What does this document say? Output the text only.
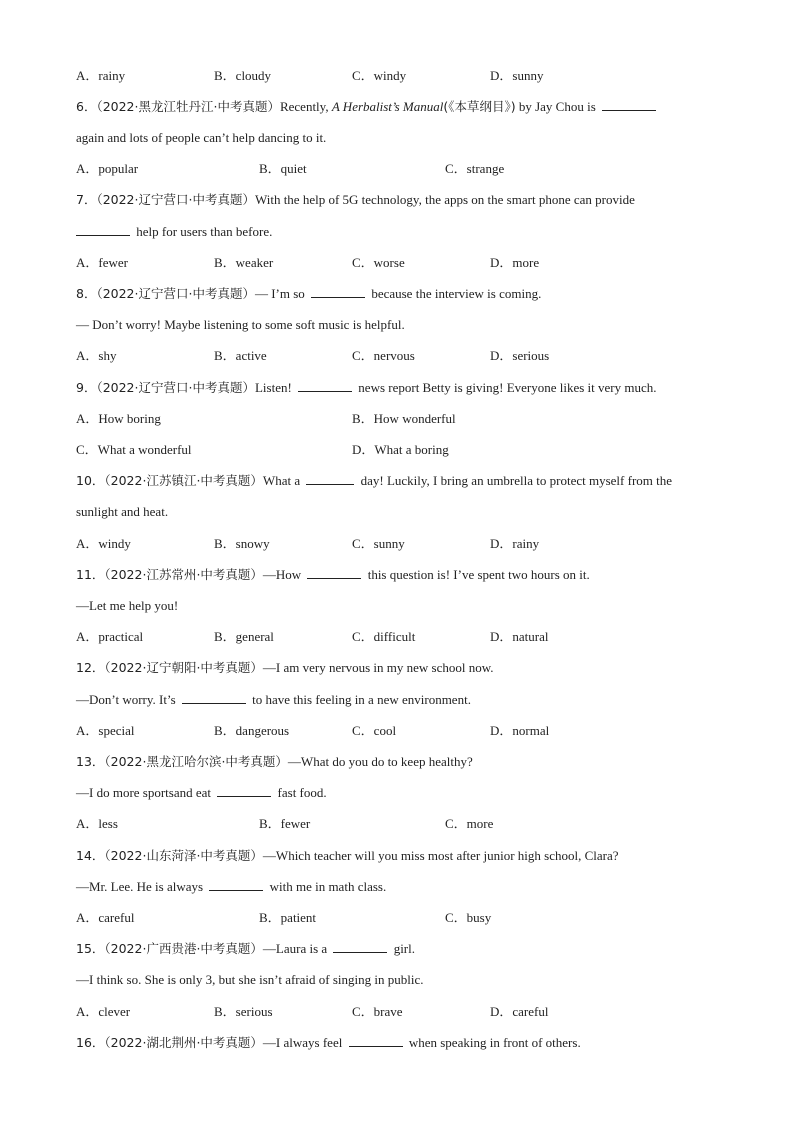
A．rainy	B．cloudy	C．windy	D．sunny
6．（2022·黑龙江牡丹江·中考真题）Recently, A Herbalist’s Manual(《本草纲目》) by Jay Chou is
again and lots of people can’t help dancing to it.
A．popular	B．quiet	C．strange
7．（2022·辽宁营口·中考真题）With the help of 5G technology, the apps on the smart phone can provide
help for users than before.
A．fewer	B．weaker	C．worse	D．more
8．（2022·辽宁营口·中考真题）— I’m so	because the interview is coming.
— Don’t worry! Maybe listening to some soft music is helpful.
A．shy	B．active	C．nervous	D．serious
9．（2022·辽宁营口·中考真题）Listen!	news report Betty is giving! Everyone likes it very much.
A．How boring	B．How wonderful
C．What a wonderful	D．What a boring
10．（2022·江苏镇江·中考真题）What a	day! Luckily, I bring an umbrella to protect myself from the
sunlight and heat.
A．windy	B．snowy	C．sunny	D．rainy
11．（2022·江苏常州·中考真题）—How	this question is! I’ve spent two hours on it.
—Let me help you!
A．practical	B．general	C．difficult	D．natural
12．（2022·辽宁朝阳·中考真题）—I am very nervous in my new school now.
—Don’t worry. It’s	to have this feeling in a new environment.
A．special	B．dangerous	C．cool	D．normal
13．（2022·黑龙江哈尔滨·中考真题）—What do you do to keep healthy?
—I do more sportsand eat	fast food.
A．less	B．fewer	C．more
14．（2022·山东菏泽·中考真题）—Which teacher will you miss most after junior high school, Clara?
—Mr. Lee. He is always	with me in math class.
A．careful	B．patient	C．busy
15．（2022·广西贵港·中考真题）—Laura is a	girl.
—I think so. She is only 3, but she isn’t afraid of singing in public.
A．clever	B．serious	C．brave	D．careful
16．（2022·湖北荆州·中考真题）—I always feel	when speaking in front of others.
